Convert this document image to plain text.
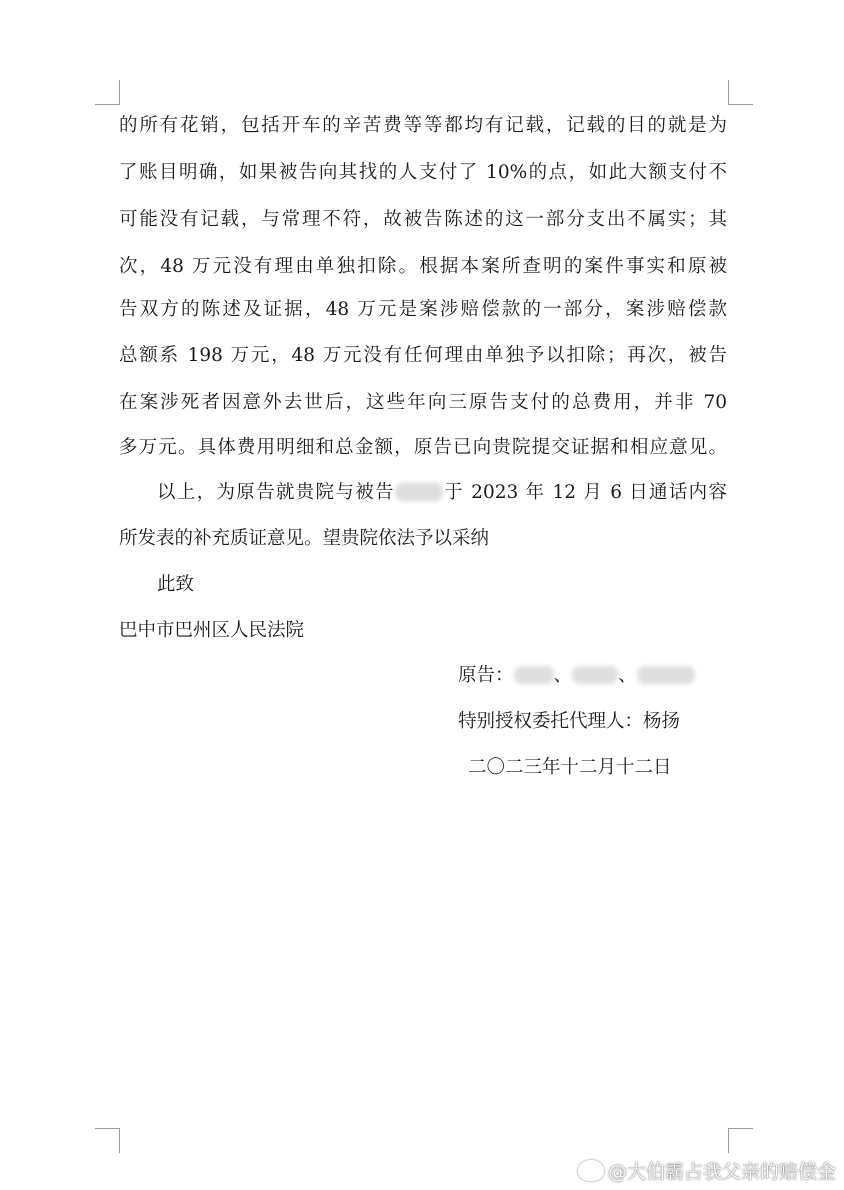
的所有花销，包括开车的辛苦费等等都均有记载，记载的目的就是为
了账目明确，如果被告向其找的人支付了 10%的点，如此大额支付不
可能没有记载，与常理不符，故被告陈述的这一部分支出不属实；其
次，48 万元没有理由单独扣除。根据本案所查明的案件事实和原被
告双方的陈述及证据，48 万元是案涉赔偿款的一部分，案涉赔偿款
总额系 198 万元，48 万元没有任何理由单独予以扣除；再次，被告
在案涉死者因意外去世后，这些年向三原告支付的总费用，并非 70
多万元。具体费用明细和总金额，原告已向贵院提交证据和相应意见。
以上，为原告就贵院与被告	于 2023 年 12 月 6 日通话内容
所发表的补充质证意见。望贵院依法予以采纳
此致
巴中市巴州区人民法院
原告： 、 、
特别授权委托代理人：杨扬
二〇二三年十二月十二日
@大伯霸占我父亲的赔偿金
